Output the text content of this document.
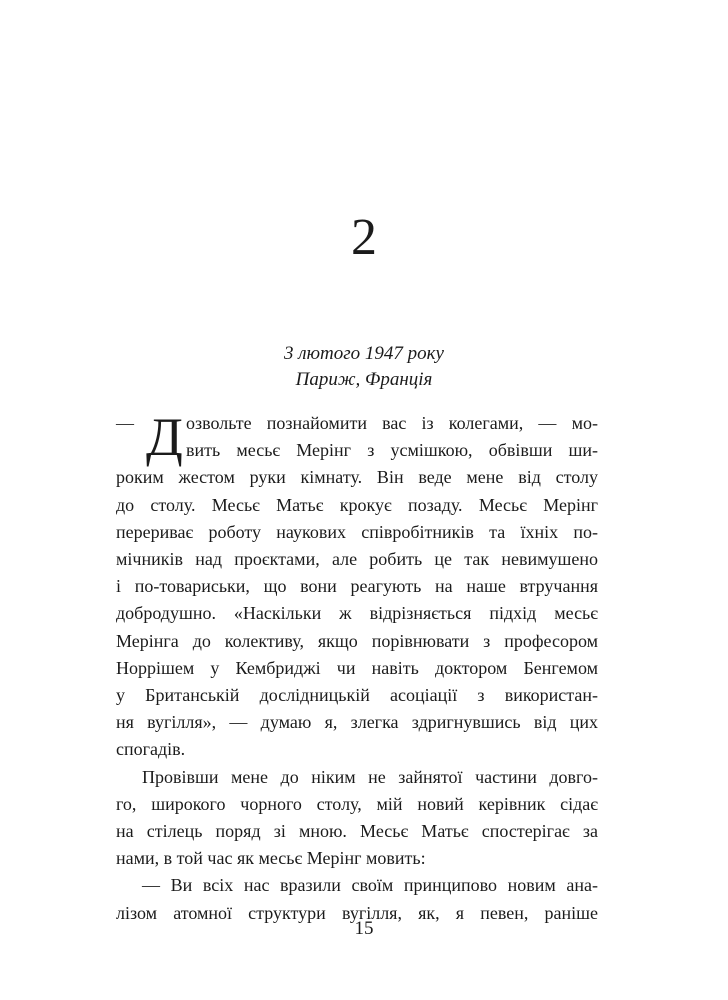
2
3 лютого 1947 року
Париж, Франція

Д
—	озвольте познайомити вас із колегами, — мо-
вить месьє Мерінг з усмішкою, обвівши ши-
роким жестом руки кімнату. Він веде мене від столу
до столу. Месьє Матьє крокує позаду. Месьє Мерінг
перериває роботу наукових співробітників та їхніх по-
мічників над проєктами, але робить це так невимушено
і по-товариськи, що вони реагують на наше втручання
добродушно. «Наскільки ж відрізняється підхід месьє
Мерінга до колективу, якщо порівнювати з професором
Норрішем у Кембриджі чи навіть доктором Бенгемом
у Британській дослідницькій асоціації з використан-
ня вугілля», — думаю я, злегка здригнувшись від цих
спогадів.

Провівши мене до ніким не зайнятої частини довго-
го, широкого чорного столу, мій новий керівник сідає
на стілець поряд зі мною. Месьє Матьє спостерігає за
нами, в той час як месьє Мерінг мовить:

— Ви всіх нас вразили своїм принципово новим ана-
лізом атомної структури вугілля, як, я певен, раніше

15
